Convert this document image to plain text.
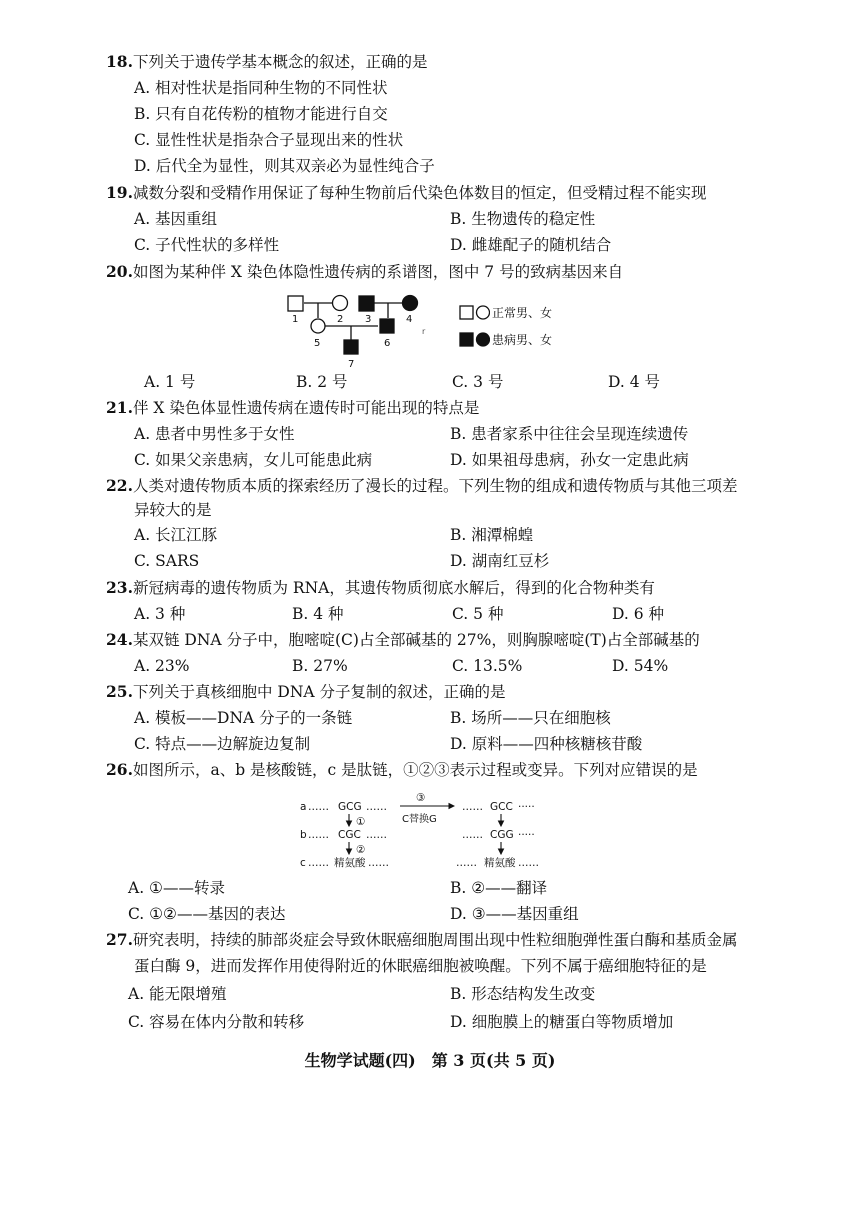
18.下列关于遗传学基本概念的叙述，正确的是
A. 相对性状是指同种生物的不同性状
B. 只有自花传粉的植物才能进行自交
C. 显性性状是指杂合子显现出来的性状
D. 后代全为显性，则其双亲必为显性纯合子
19.减数分裂和受精作用保证了每种生物前后代染色体数目的恒定，但受精过程不能实现
A. 基因重组	B. 生物遗传的稳定性
C. 子代性状的多样性	D. 雌雄配子的随机结合
20.如图为某种伴 X 染色体隐性遗传病的系谱图，图中 7 号的致病基因来自
1	2 3	4
5	6
7
r
正常男、女
患病男、女
A. 1 号	B. 2 号	C. 3 号	D. 4 号
21.伴 X 染色体显性遗传病在遗传时可能出现的特点是
A. 患者中男性多于女性	B. 患者家系中往往会呈现连续遗传
C. 如果父亲患病，女儿可能患此病	D. 如果祖母患病，孙女一定患此病
22.人类对遗传物质本质的探索经历了漫长的过程。下列生物的组成和遗传物质与其他三项差
异较大的是
A. 长江江豚	B. 湘潭棉蝗
C. SARS	D. 湖南红豆杉
23.新冠病毒的遗传物质为 RNA，其遗传物质彻底水解后，得到的化合物种类有
A. 3 种	B. 4 种	C. 5 种	D. 6 种
24.某双链 DNA 分子中，胞嘧啶(C)占全部碱基的 27%，则胸腺嘧啶(T)占全部碱基的
A. 23%	B. 27%	C. 13.5%	D. 54%
25.下列关于真核细胞中 DNA 分子复制的叙述，正确的是
A. 模板——DNA 分子的一条链	B. 场所——只在细胞核
C. 特点——边解旋边复制	D. 原料——四种核糖核苷酸
26.如图所示，a、b 是核酸链，c 是肽链，①②③表示过程或变异。下列对应错误的是
a …… GCG ……
b …… CGC ……
c …… 精氨酸 ……
①
②
③
C替换G
…… GCC ·····
…… CGG ·····
…… 精氨酸 ……
A. ①——转录	B. ②——翻译
C. ①②——基因的表达	D. ③——基因重组
27.研究表明，持续的肺部炎症会导致休眠癌细胞周围出现中性粒细胞弹性蛋白酶和基质金属
蛋白酶 9，进而发挥作用使得附近的休眠癌细胞被唤醒。下列不属于癌细胞特征的是
A. 能无限增殖	B. 形态结构发生改变
C. 容易在体内分散和转移	D. 细胞膜上的糖蛋白等物质增加
生物学试题(四)　第 3 页(共 5 页)
